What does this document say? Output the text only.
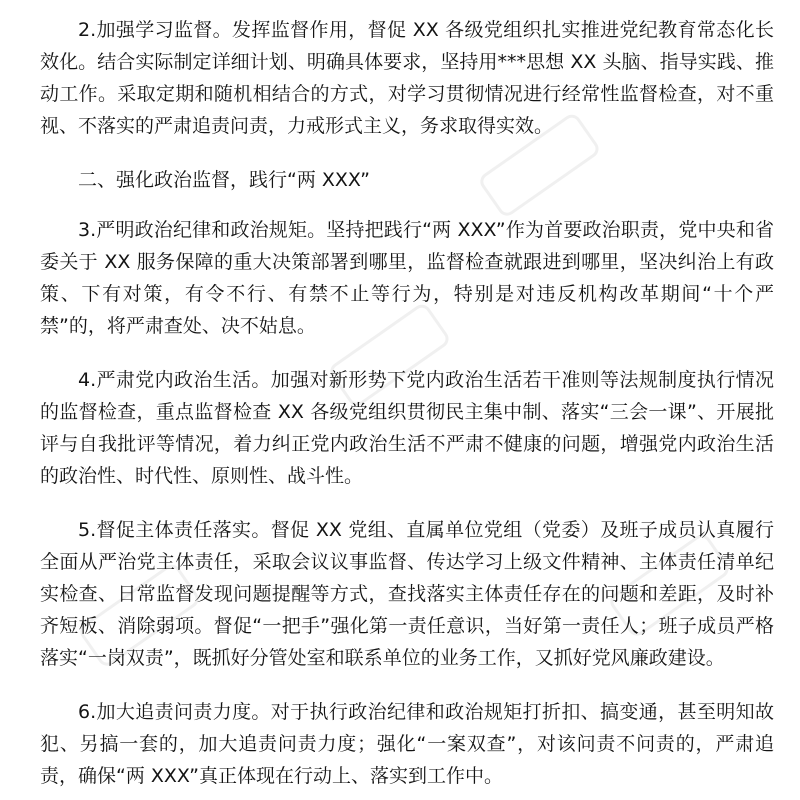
2.加强学习监督。发挥监督作用，督促 XX 各级党组织扎实推进党纪教育常态化长效化。结合实际制定详细计划、明确具体要求，坚持用***思想 XX 头脑、指导实践、推动工作。采取定期和随机相结合的方式，对学习贯彻情况进行经常性监督检查，对不重视、不落实的严肃追责问责，力戒形式主义，务求取得实效。

二、强化政治监督，践行“两 XXX”

3.严明政治纪律和政治规矩。坚持把践行“两 XXX”作为首要政治职责，党中央和省委关于 XX 服务保障的重大决策部署到哪里，监督检查就跟进到哪里，坚决纠治上有政策、下有对策，有令不行、有禁不止等行为，特别是对违反机构改革期间“十个严禁”的，将严肃查处、决不姑息。

4.严肃党内政治生活。加强对新形势下党内政治生活若干准则等法规制度执行情况的监督检查，重点监督检查 XX 各级党组织贯彻民主集中制、落实“三会一课”、开展批评与自我批评等情况，着力纠正党内政治生活不严肃不健康的问题，增强党内政治生活的政治性、时代性、原则性、战斗性。

5.督促主体责任落实。督促 XX 党组、直属单位党组（党委）及班子成员认真履行全面从严治党主体责任，采取会议议事监督、传达学习上级文件精神、主体责任清单纪实检查、日常监督发现问题提醒等方式，查找落实主体责任存在的问题和差距，及时补齐短板、消除弱项。督促“一把手”强化第一责任意识，当好第一责任人；班子成员严格落实“一岗双责”，既抓好分管处室和联系单位的业务工作，又抓好党风廉政建设。

6.加大追责问责力度。对于执行政治纪律和政治规矩打折扣、搞变通，甚至明知故犯、另搞一套的，加大追责问责力度；强化“一案双查”，对该问责不问责的，严肃追责，确保“两 XXX”真正体现在行动上、落实到工作中。
